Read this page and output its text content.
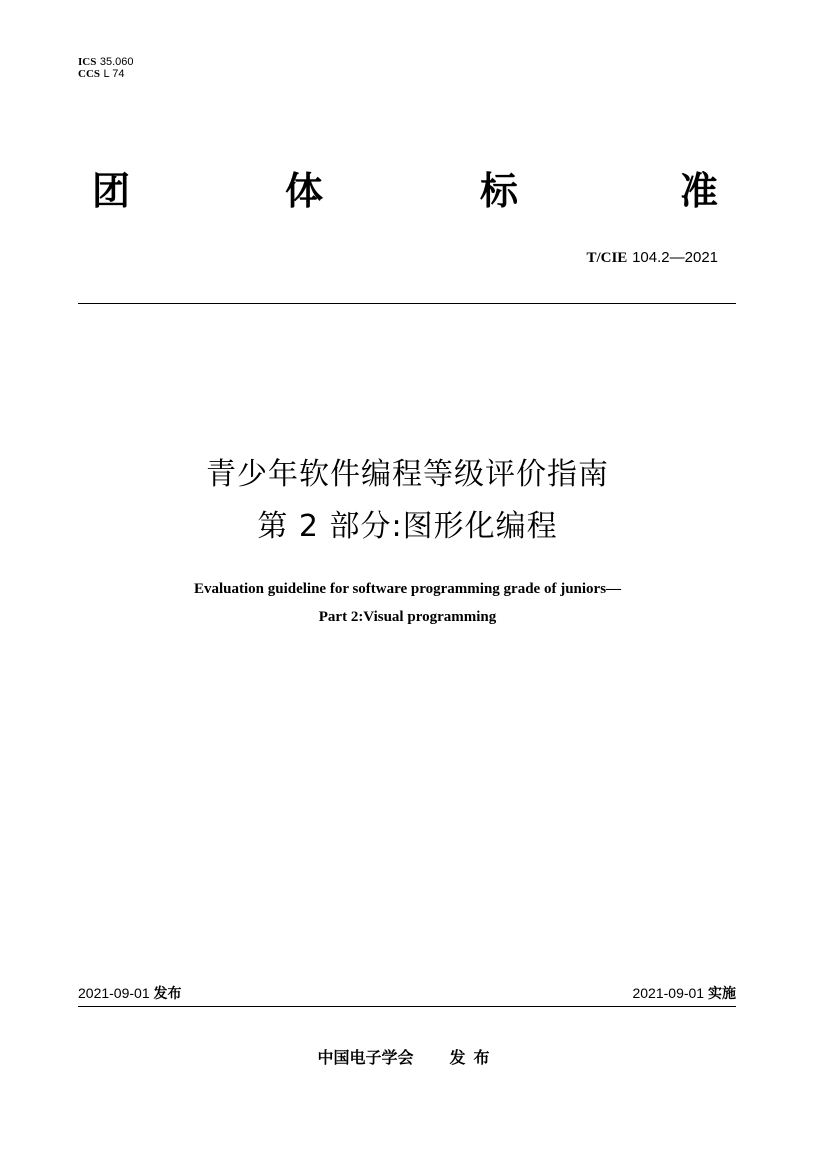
ICS 35.060
CCS L 74
团	体	标	准
T/CIE 104.2—2021
青少年软件编程等级评价指南
第 2 部分:图形化编程
Evaluation guideline for software programming grade of juniors—
Part 2:Visual programming
2021-09-01 发布	2021-09-01 实施
中国电子学会 发布
